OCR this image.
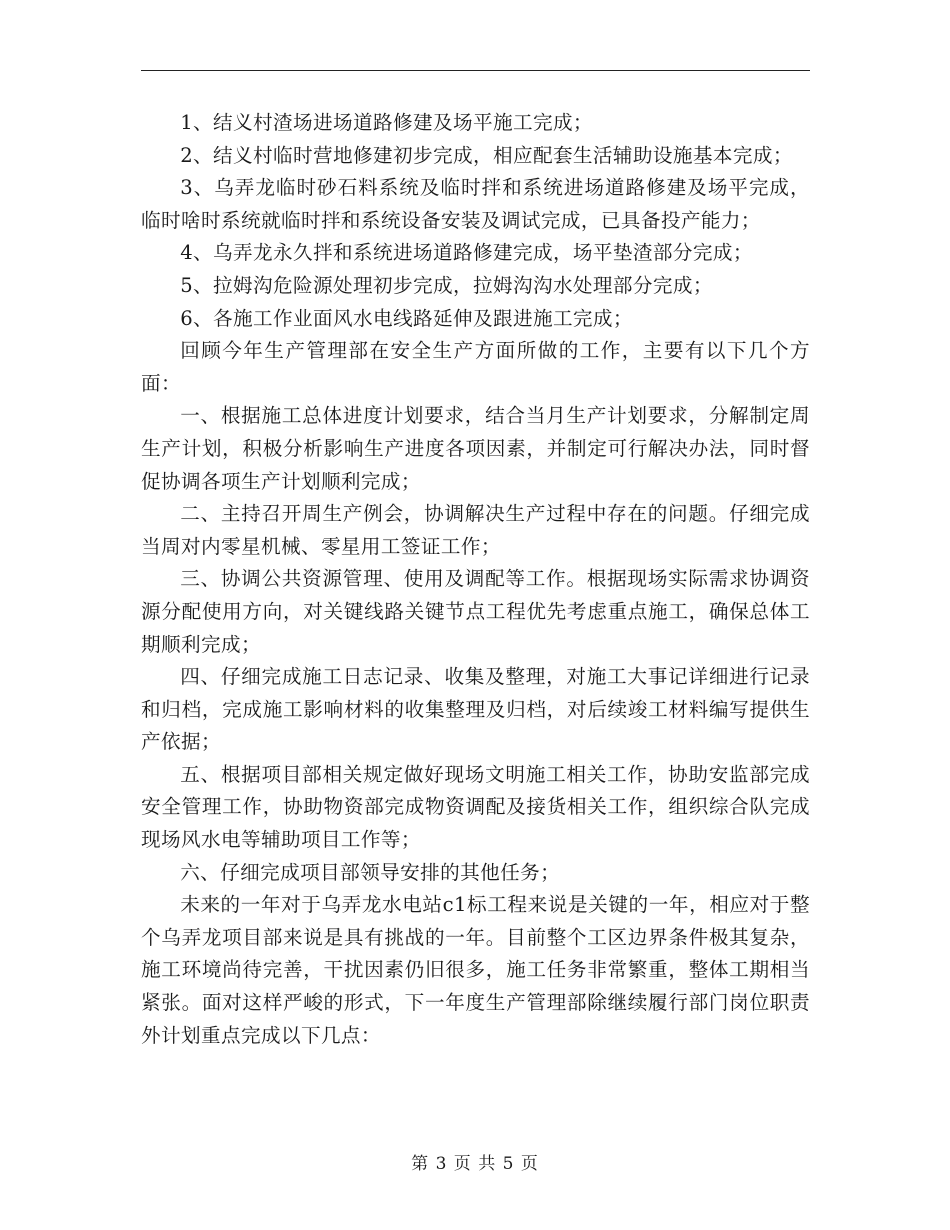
1、结义村渣场进场道路修建及场平施工完成；

2、结义村临时营地修建初步完成，相应配套生活辅助设施基本完成；

3、乌弄龙临时砂石料系统及临时拌和系统进场道路修建及场平完成，临时啥时系统就临时拌和系统设备安装及调试完成，已具备投产能力；

4、乌弄龙永久拌和系统进场道路修建完成，场平垫渣部分完成；

5、拉姆沟危险源处理初步完成，拉姆沟沟水处理部分完成；

6、各施工作业面风水电线路延伸及跟进施工完成；

回顾今年生产管理部在安全生产方面所做的工作，主要有以下几个方面：

一、根据施工总体进度计划要求，结合当月生产计划要求，分解制定周生产计划，积极分析影响生产进度各项因素，并制定可行解决办法，同时督促协调各项生产计划顺利完成；

二、主持召开周生产例会，协调解决生产过程中存在的问题。仔细完成当周对内零星机械、零星用工签证工作；

三、协调公共资源管理、使用及调配等工作。根据现场实际需求协调资源分配使用方向，对关键线路关键节点工程优先考虑重点施工，确保总体工期顺利完成；

四、仔细完成施工日志记录、收集及整理，对施工大事记详细进行记录和归档，完成施工影响材料的收集整理及归档，对后续竣工材料编写提供生产依据；

五、根据项目部相关规定做好现场文明施工相关工作，协助安监部完成安全管理工作，协助物资部完成物资调配及接货相关工作，组织综合队完成现场风水电等辅助项目工作等；

六、仔细完成项目部领导安排的其他任务；

未来的一年对于乌弄龙水电站c1标工程来说是关键的一年，相应对于整个乌弄龙项目部来说是具有挑战的一年。目前整个工区边界条件极其复杂，施工环境尚待完善，干扰因素仍旧很多，施工任务非常繁重，整体工期相当紧张。面对这样严峻的形式，下一年度生产管理部除继续履行部门岗位职责外计划重点完成以下几点：

第 3 页 共 5 页
